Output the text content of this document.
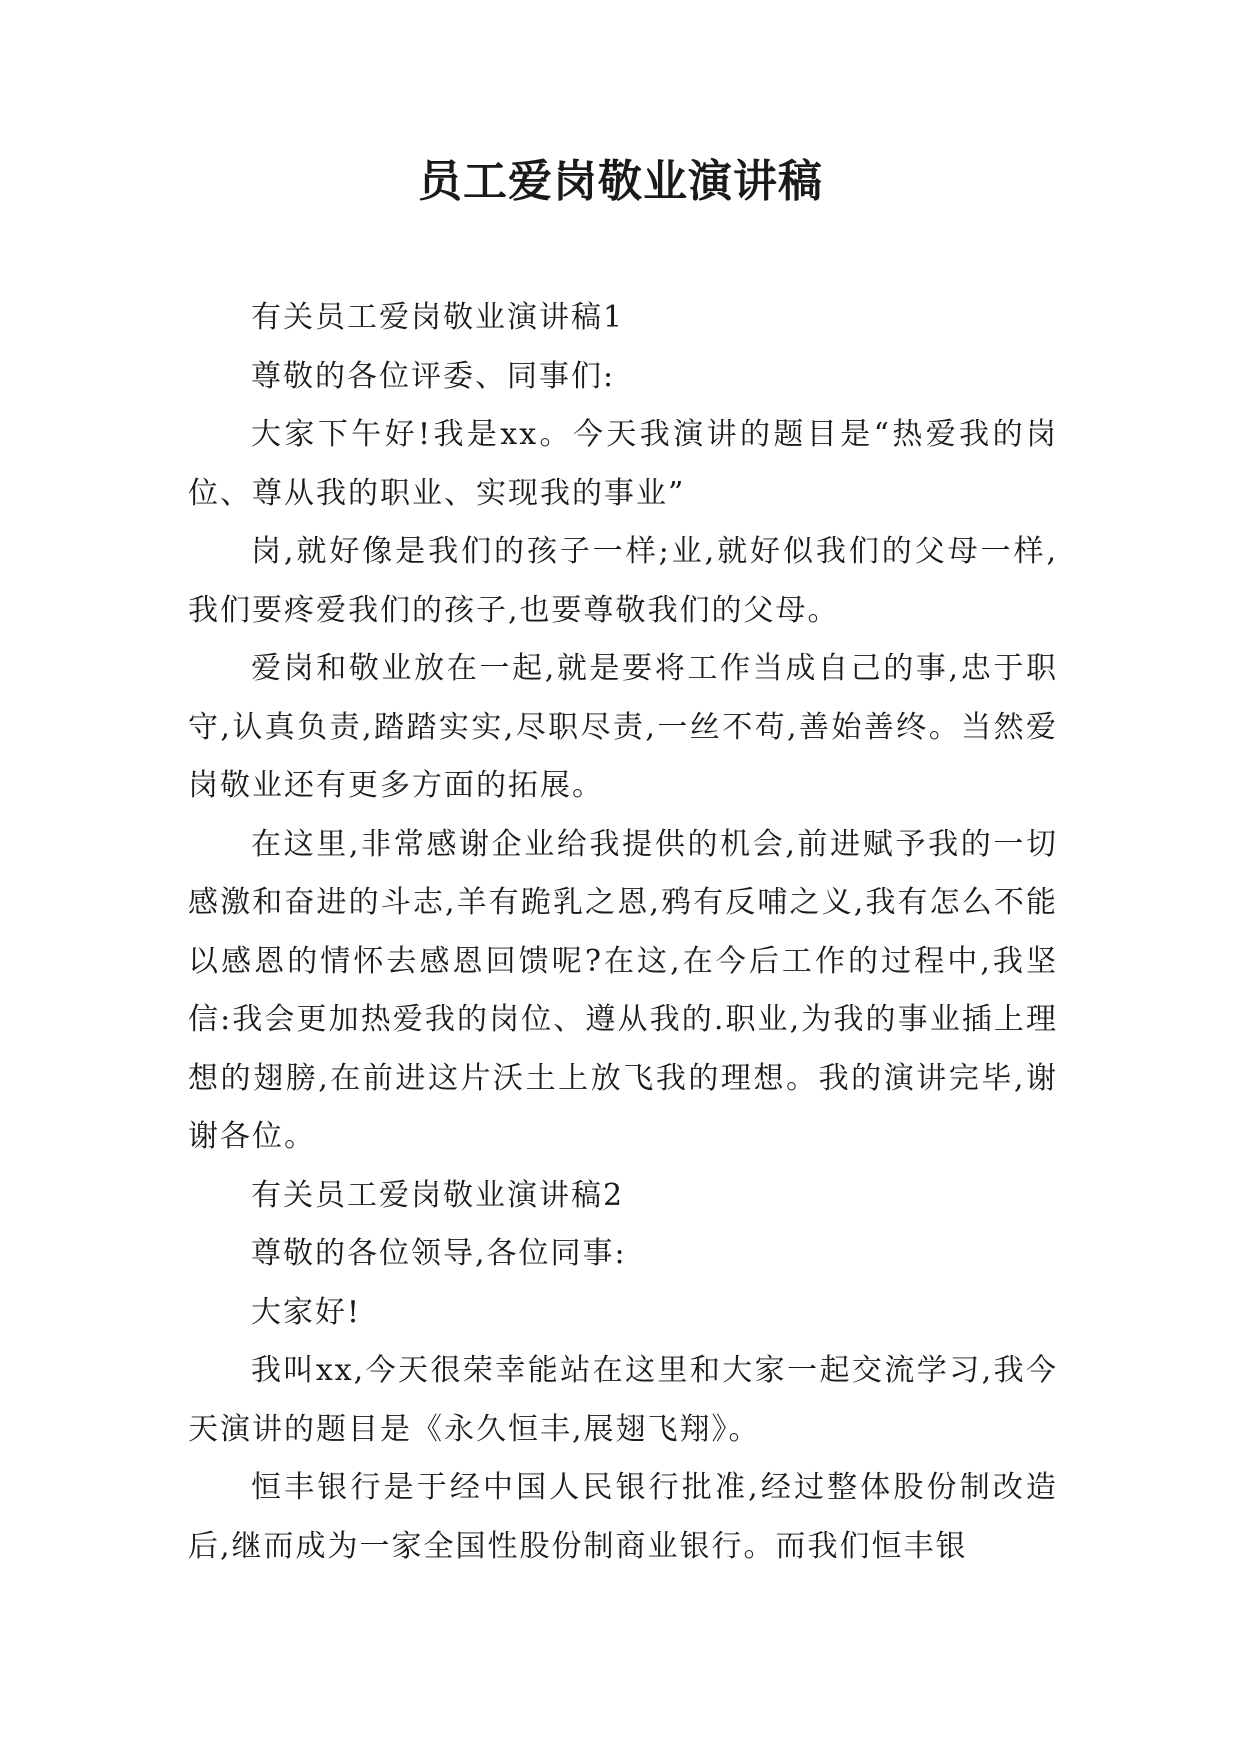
员工爱岗敬业演讲稿

有关员工爱岗敬业演讲稿1

尊敬的各位评委、同事们:

大家下午好!我是xx。今天我演讲的题目是“热爱我的岗位、尊从我的职业、实现我的事业”

岗,就好像是我们的孩子一样;业,就好似我们的父母一样,我们要疼爱我们的孩子,也要尊敬我们的父母。

爱岗和敬业放在一起,就是要将工作当成自己的事,忠于职守,认真负责,踏踏实实,尽职尽责,一丝不苟,善始善终。当然爱岗敬业还有更多方面的拓展。

在这里,非常感谢企业给我提供的机会,前进赋予我的一切感激和奋进的斗志,羊有跪乳之恩,鸦有反哺之义,我有怎么不能以感恩的情怀去感恩回馈呢?在这,在今后工作的过程中,我坚信:我会更加热爱我的岗位、遵从我的.职业,为我的事业插上理想的翅膀,在前进这片沃土上放飞我的理想。我的演讲完毕,谢谢各位。

有关员工爱岗敬业演讲稿2

尊敬的各位领导,各位同事:

大家好!

我叫xx,今天很荣幸能站在这里和大家一起交流学习,我今天演讲的题目是《永久恒丰,展翅飞翔》。

恒丰银行是于经中国人民银行批准,经过整体股份制改造后,继而成为一家全国性股份制商业银行。而我们恒丰银
